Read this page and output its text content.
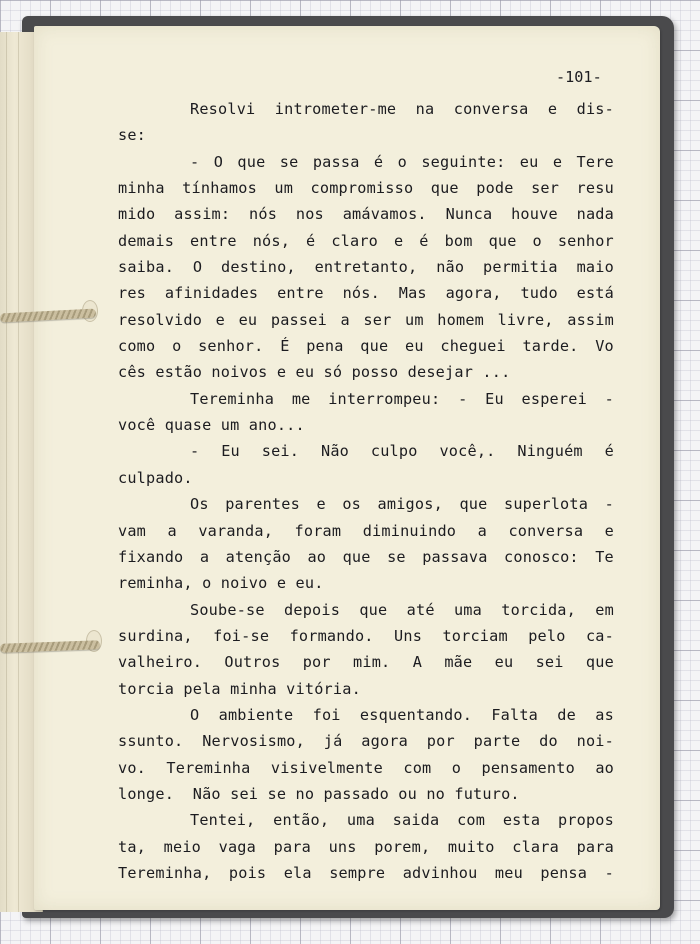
-101-
Resolvi intrometer-me na conversa e dis-
se:
- O que se passa é o seguinte: eu e Tere
minha tínhamos um compromisso que pode ser resu
mido assim: nós nos amávamos. Nunca houve nada
demais entre nós, é claro e é bom que o senhor
saiba. O destino, entretanto, não permitia maio
res afinidades entre nós. Mas agora, tudo está
resolvido e eu passei a ser um homem livre, assim
como o senhor. É pena que eu cheguei tarde. Vo
cês estão noivos e eu só posso desejar ...
Tereminha me interrompeu: - Eu esperei -
você quase um ano...
- Eu sei. Não culpo você,. Ninguém é
culpado.
Os parentes e os amigos, que superlota -
vam a varanda, foram diminuindo a conversa e
fixando a atenção ao que se passava conosco: Te
reminha, o noivo e eu.
Soube-se depois que até uma torcida, em
surdina, foi-se formando. Uns torciam pelo ca-
valheiro. Outros por mim. A mãe eu sei que
torcia pela minha vitória.
O ambiente foi esquentando. Falta de as
ssunto. Nervosismo, já agora por parte do noi-
vo. Tereminha visivelmente com o pensamento ao
longe.  Não sei se no passado ou no futuro.
Tentei, então, uma saida com esta propos
ta, meio vaga para uns porem, muito clara para
Tereminha, pois ela sempre advinhou meu pensa -
